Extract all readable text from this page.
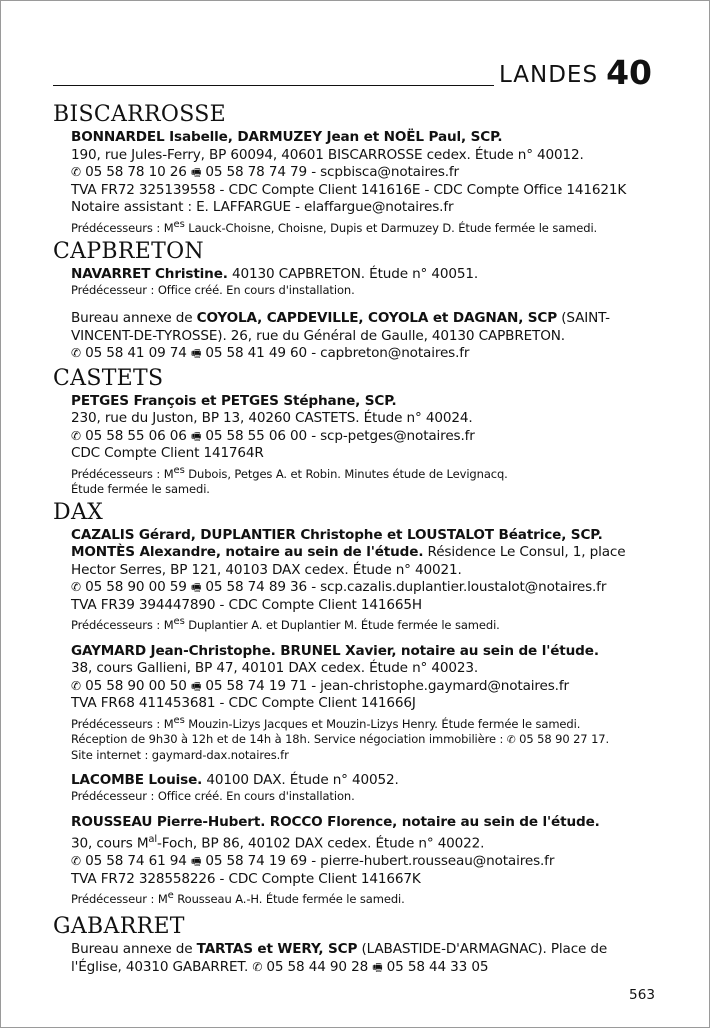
LANDES 40
BISCARROSSE
BONNARDEL Isabelle, DARMUZEY Jean et NOËL Paul, SCP.
190, rue Jules-Ferry, BP 60094, 40601 BISCARROSSE cedex. Étude n° 40012.
✆ 05 58 78 10 26 🖷 05 58 78 74 79 - scpbisca@notaires.fr
TVA FR72 325139558 - CDC Compte Client 141616E - CDC Compte Office 141621K
Notaire assistant : E. LAFFARGUE - elaffargue@notaires.fr
Prédécesseurs : $M^{es}$ Lauck-Choisne, Choisne, Dupis et Darmuzey D. Étude fermée le samedi.
CAPBRETON
NAVARRET Christine. 40130 CAPBRETON. Étude n° 40051.
Prédécesseur : Office créé. En cours d'installation.
Bureau annexe de COYOLA, CAPDEVILLE, COYOLA et DAGNAN, SCP (SAINT-
VINCENT-DE-TYROSSE). 26, rue du Général de Gaulle, 40130 CAPBRETON.
✆ 05 58 41 09 74 🖷 05 58 41 49 60 - capbreton@notaires.fr
CASTETS
PETGES François et PETGES Stéphane, SCP.
230, rue du Juston, BP 13, 40260 CASTETS. Étude n° 40024.
✆ 05 58 55 06 06 🖷 05 58 55 06 00 - scp-petges@notaires.fr
CDC Compte Client 141764R
Prédécesseurs : $M^{es}$ Dubois, Petges A. et Robin. Minutes étude de Levignacq.
Étude fermée le samedi.
DAX
CAZALIS Gérard, DUPLANTIER Christophe et LOUSTALOT Béatrice, SCP.
MONTÈS Alexandre, notaire au sein de l'étude. Résidence Le Consul, 1, place
Hector Serres, BP 121, 40103 DAX cedex. Étude n° 40021.
✆ 05 58 90 00 59 🖷 05 58 74 89 36 - scp.cazalis.duplantier.loustalot@notaires.fr
TVA FR39 394447890 - CDC Compte Client 141665H
Prédécesseurs : $M^{es}$ Duplantier A. et Duplantier M. Étude fermée le samedi.
GAYMARD Jean-Christophe. BRUNEL Xavier, notaire au sein de l'étude.
38, cours Gallieni, BP 47, 40101 DAX cedex. Étude n° 40023.
✆ 05 58 90 00 50 🖷 05 58 74 19 71 - jean-christophe.gaymard@notaires.fr
TVA FR68 411453681 - CDC Compte Client 141666J
Prédécesseurs : $M^{es}$ Mouzin-Lizys Jacques et Mouzin-Lizys Henry. Étude fermée le samedi.
Réception de 9h30 à 12h et de 14h à 18h. Service négociation immobilière : ✆ 05 58 90 27 17.
Site internet : gaymard-dax.notaires.fr
LACOMBE Louise. 40100 DAX. Étude n° 40052.
Prédécesseur : Office créé. En cours d'installation.
ROUSSEAU Pierre-Hubert. ROCCO Florence, notaire au sein de l'étude.
30, cours $M^{al}$-Foch, BP 86, 40102 DAX cedex. Étude n° 40022.
✆ 05 58 74 61 94 🖷 05 58 74 19 69 - pierre-hubert.rousseau@notaires.fr
TVA FR72 328558226 - CDC Compte Client 141667K
Prédécesseur : Me Rousseau A.-H. Étude fermée le samedi.
GABARRET
Bureau annexe de TARTAS et WERY, SCP (LABASTIDE-D'ARMAGNAC). Place de
l'Église, 40310 GABARRET. ✆ 05 58 44 90 28 🖷 05 58 44 33 05
563
